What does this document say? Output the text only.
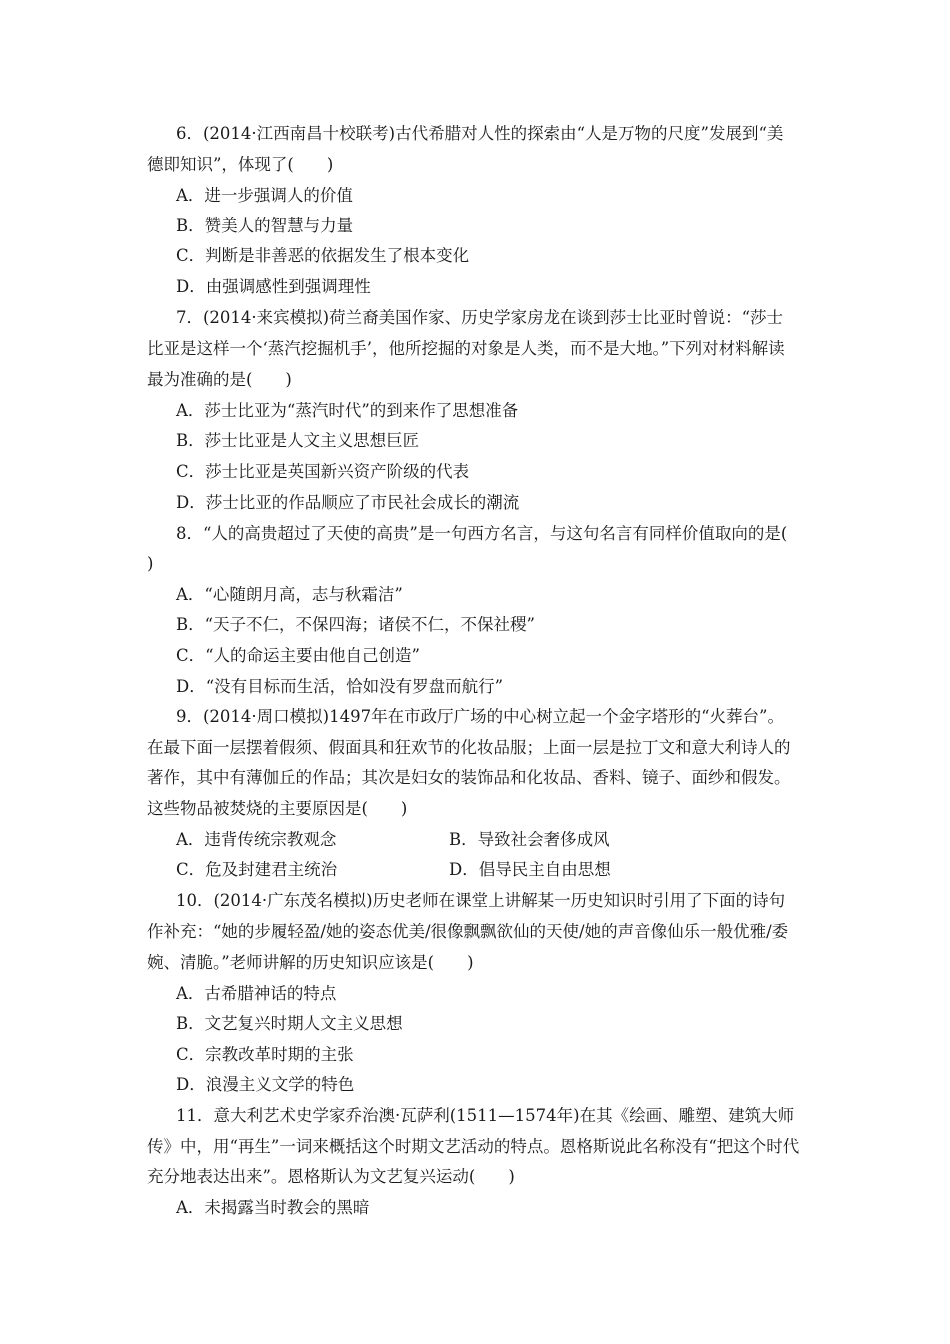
6．(2014·江西南昌十校联考)古代希腊对人性的探索由“人是万物的尺度”发展到“美
德即知识”，体现了(　　)
A．进一步强调人的价值
B．赞美人的智慧与力量
C．判断是非善恶的依据发生了根本变化
D．由强调感性到强调理性
7．(2014·来宾模拟)荷兰裔美国作家、历史学家房龙在谈到莎士比亚时曾说：“莎士
比亚是这样一个‘蒸汽挖掘机手’，他所挖掘的对象是人类，而不是大地。”下列对材料解读
最为准确的是(　　)
A．莎士比亚为“蒸汽时代”的到来作了思想准备
B．莎士比亚是人文主义思想巨匠
C．莎士比亚是英国新兴资产阶级的代表
D．莎士比亚的作品顺应了市民社会成长的潮流
8．“人的高贵超过了天使的高贵”是一句西方名言，与这句名言有同样价值取向的是(
)
A．“心随朗月高，志与秋霜洁”
B．“天子不仁，不保四海；诸侯不仁，不保社稷”
C．“人的命运主要由他自己创造”
D．“没有目标而生活，恰如没有罗盘而航行”
9．(2014·周口模拟)1497年在市政厅广场的中心树立起一个金字塔形的“火葬台”。
在最下面一层摆着假须、假面具和狂欢节的化妆品服；上面一层是拉丁文和意大利诗人的
著作，其中有薄伽丘的作品；其次是妇女的装饰品和化妆品、香料、镜子、面纱和假发。
这些物品被焚烧的主要原因是(　　)
A．违背传统宗教观念	B．导致社会奢侈成风
C．危及封建君主统治	D．倡导民主自由思想
10．(2014·广东茂名模拟)历史老师在课堂上讲解某一历史知识时引用了下面的诗句
作补充：“她的步履轻盈/她的姿态优美/很像飘飘欲仙的天使/她的声音像仙乐一般优雅/委
婉、清脆。”老师讲解的历史知识应该是(　　)
A．古希腊神话的特点
B．文艺复兴时期人文主义思想
C．宗教改革时期的主张
D．浪漫主义文学的特色
11．意大利艺术史学家乔治澳·瓦萨利(1511—1574年)在其《绘画、雕塑、建筑大师
传》中，用“再生”一词来概括这个时期文艺活动的特点。恩格斯说此名称没有“把这个时代
充分地表达出来”。恩格斯认为文艺复兴运动(　　)
A．未揭露当时教会的黑暗
